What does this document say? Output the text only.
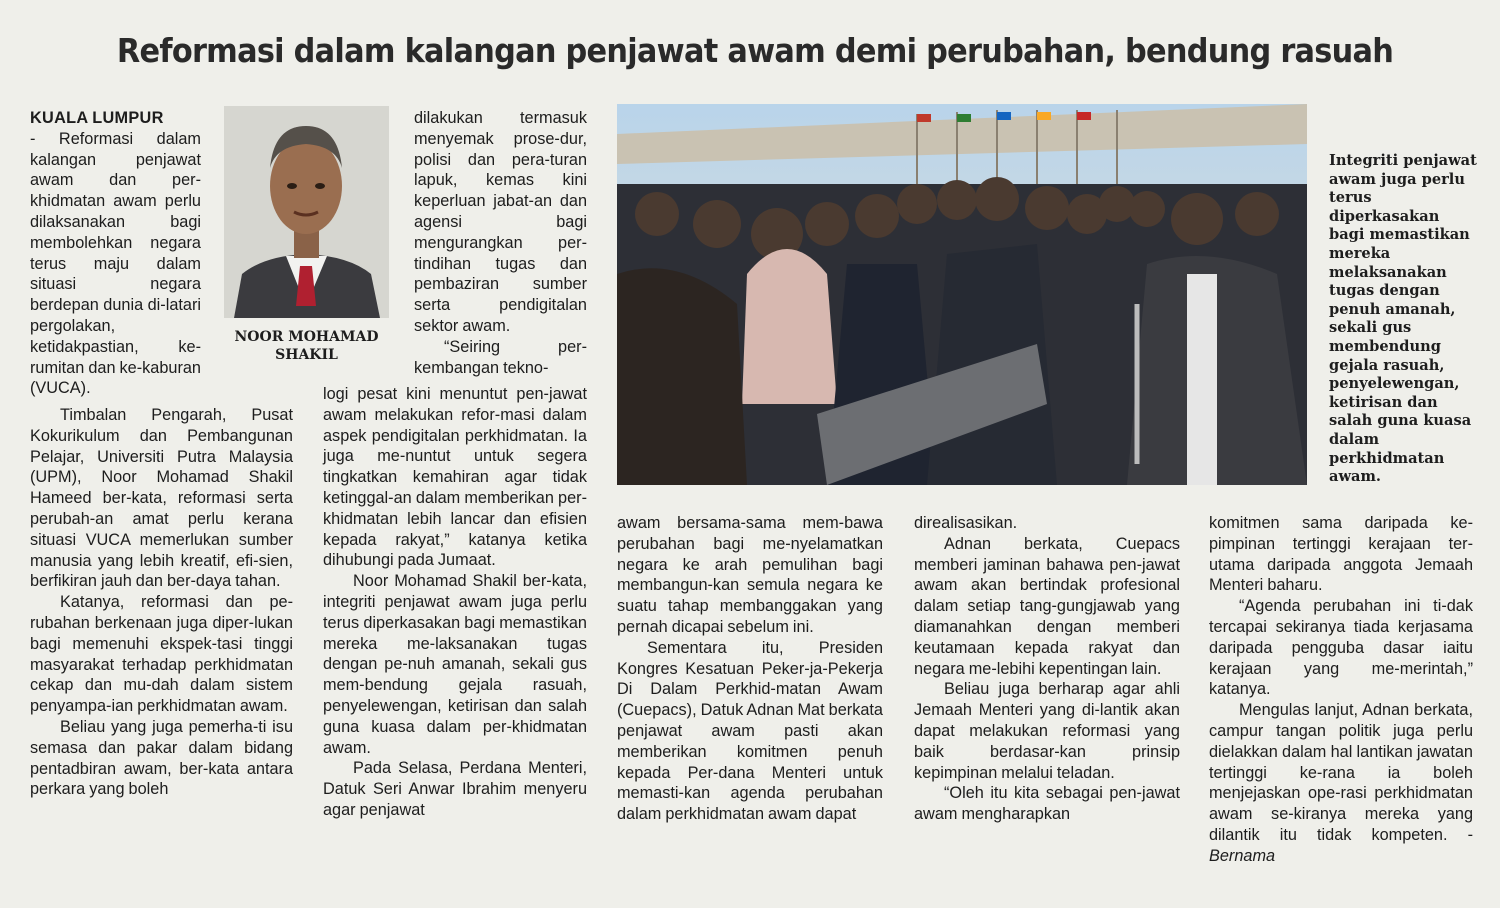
Reformasi dalam kalangan penjawat awam demi perubahan, bendung rasuah

KUALA LUMPUR

- Reformasi dalam kalangan penjawat awam dan per-khidmatan awam perlu dilaksanakan bagi membolehkan negara terus maju dalam situasi negara berdepan dunia di-latari pergolakan, ketidakpastian, ke-rumitan dan ke-kaburan (VUCA).

Timbalan Pengarah, Pusat Kokurikulum dan Pembangunan Pelajar, Universiti Putra Malaysia (UPM), Noor Mohamad Shakil Hameed ber-kata, reformasi serta perubah-an amat perlu kerana situasi VUCA memerlukan sumber manusia yang lebih kreatif, efi-sien, berfikiran jauh dan ber-daya tahan.

Katanya, reformasi dan pe-rubahan berkenaan juga diper-lukan bagi memenuhi ekspek-tasi tinggi masyarakat terhadap perkhidmatan cekap dan mu-dah dalam sistem penyampa-ian perkhidmatan awam.

Beliau yang juga pemerha-ti isu semasa dan pakar dalam bidang pentadbiran awam, ber-kata antara perkara yang boleh

NOOR MOHAMAD SHAKIL

dilakukan termasuk menyemak prose-dur, polisi dan pera-turan lapuk, kemas kini keperluan jabat-an dan agensi bagi mengurangkan per-tindihan tugas dan pembaziran sumber serta pendigitalan sektor awam.

“Seiring per-kembangan tekno-

logi pesat kini menuntut pen-jawat awam melakukan refor-masi dalam aspek pendigitalan perkhidmatan. Ia juga me-nuntut untuk segera tingkatkan kemahiran agar tidak ketinggal-an dalam memberikan per-khidmatan lebih lancar dan efisien kepada rakyat,” katanya ketika dihubungi pada Jumaat.

Noor Mohamad Shakil ber-kata, integriti penjawat awam juga perlu terus diperkasakan bagi memastikan mereka me-laksanakan tugas dengan pe-nuh amanah, sekali gus mem-bendung gejala rasuah, penyelewengan, ketirisan dan salah guna kuasa dalam per-khidmatan awam.

Pada Selasa, Perdana Menteri, Datuk Seri Anwar Ibrahim menyeru agar penjawat

Integriti penjawat awam juga perlu terus diperkasakan bagi memastikan mereka melaksanakan tugas dengan penuh amanah, sekali gus membendung gejala rasuah, penyelewengan, ketirisan dan salah guna kuasa dalam perkhidmatan awam.

awam bersama-sama mem-bawa perubahan bagi me-nyelamatkan negara ke arah pemulihan bagi membangun-kan semula negara ke suatu tahap membanggakan yang pernah dicapai sebelum ini.

Sementara itu, Presiden Kongres Kesatuan Peker-ja-Pekerja Di Dalam Perkhid-matan Awam (Cuepacs), Datuk Adnan Mat berkata penjawat awam pasti akan memberikan komitmen penuh kepada Per-dana Menteri untuk memasti-kan agenda perubahan dalam perkhidmatan awam dapat

direalisasikan.

Adnan berkata, Cuepacs memberi jaminan bahawa pen-jawat awam akan bertindak profesional dalam setiap tang-gungjawab yang diamanahkan dengan memberi keutamaan kepada rakyat dan negara me-lebihi kepentingan lain.

Beliau juga berharap agar ahli Jemaah Menteri yang di-lantik akan dapat melakukan reformasi yang baik berdasar-kan prinsip kepimpinan melalui teladan.

“Oleh itu kita sebagai pen-jawat awam mengharapkan

komitmen sama daripada ke-pimpinan tertinggi kerajaan ter-utama daripada anggota Jemaah Menteri baharu.

“Agenda perubahan ini ti-dak tercapai sekiranya tiada kerjasama daripada pengguba dasar iaitu kerajaan yang me-merintah,” katanya.

Mengulas lanjut, Adnan berkata, campur tangan politik juga perlu dielakkan dalam hal lantikan jawatan tertinggi ke-rana ia boleh menjejaskan ope-rasi perkhidmatan awam se-kiranya mereka yang dilantik itu tidak kompeten. - Bernama
